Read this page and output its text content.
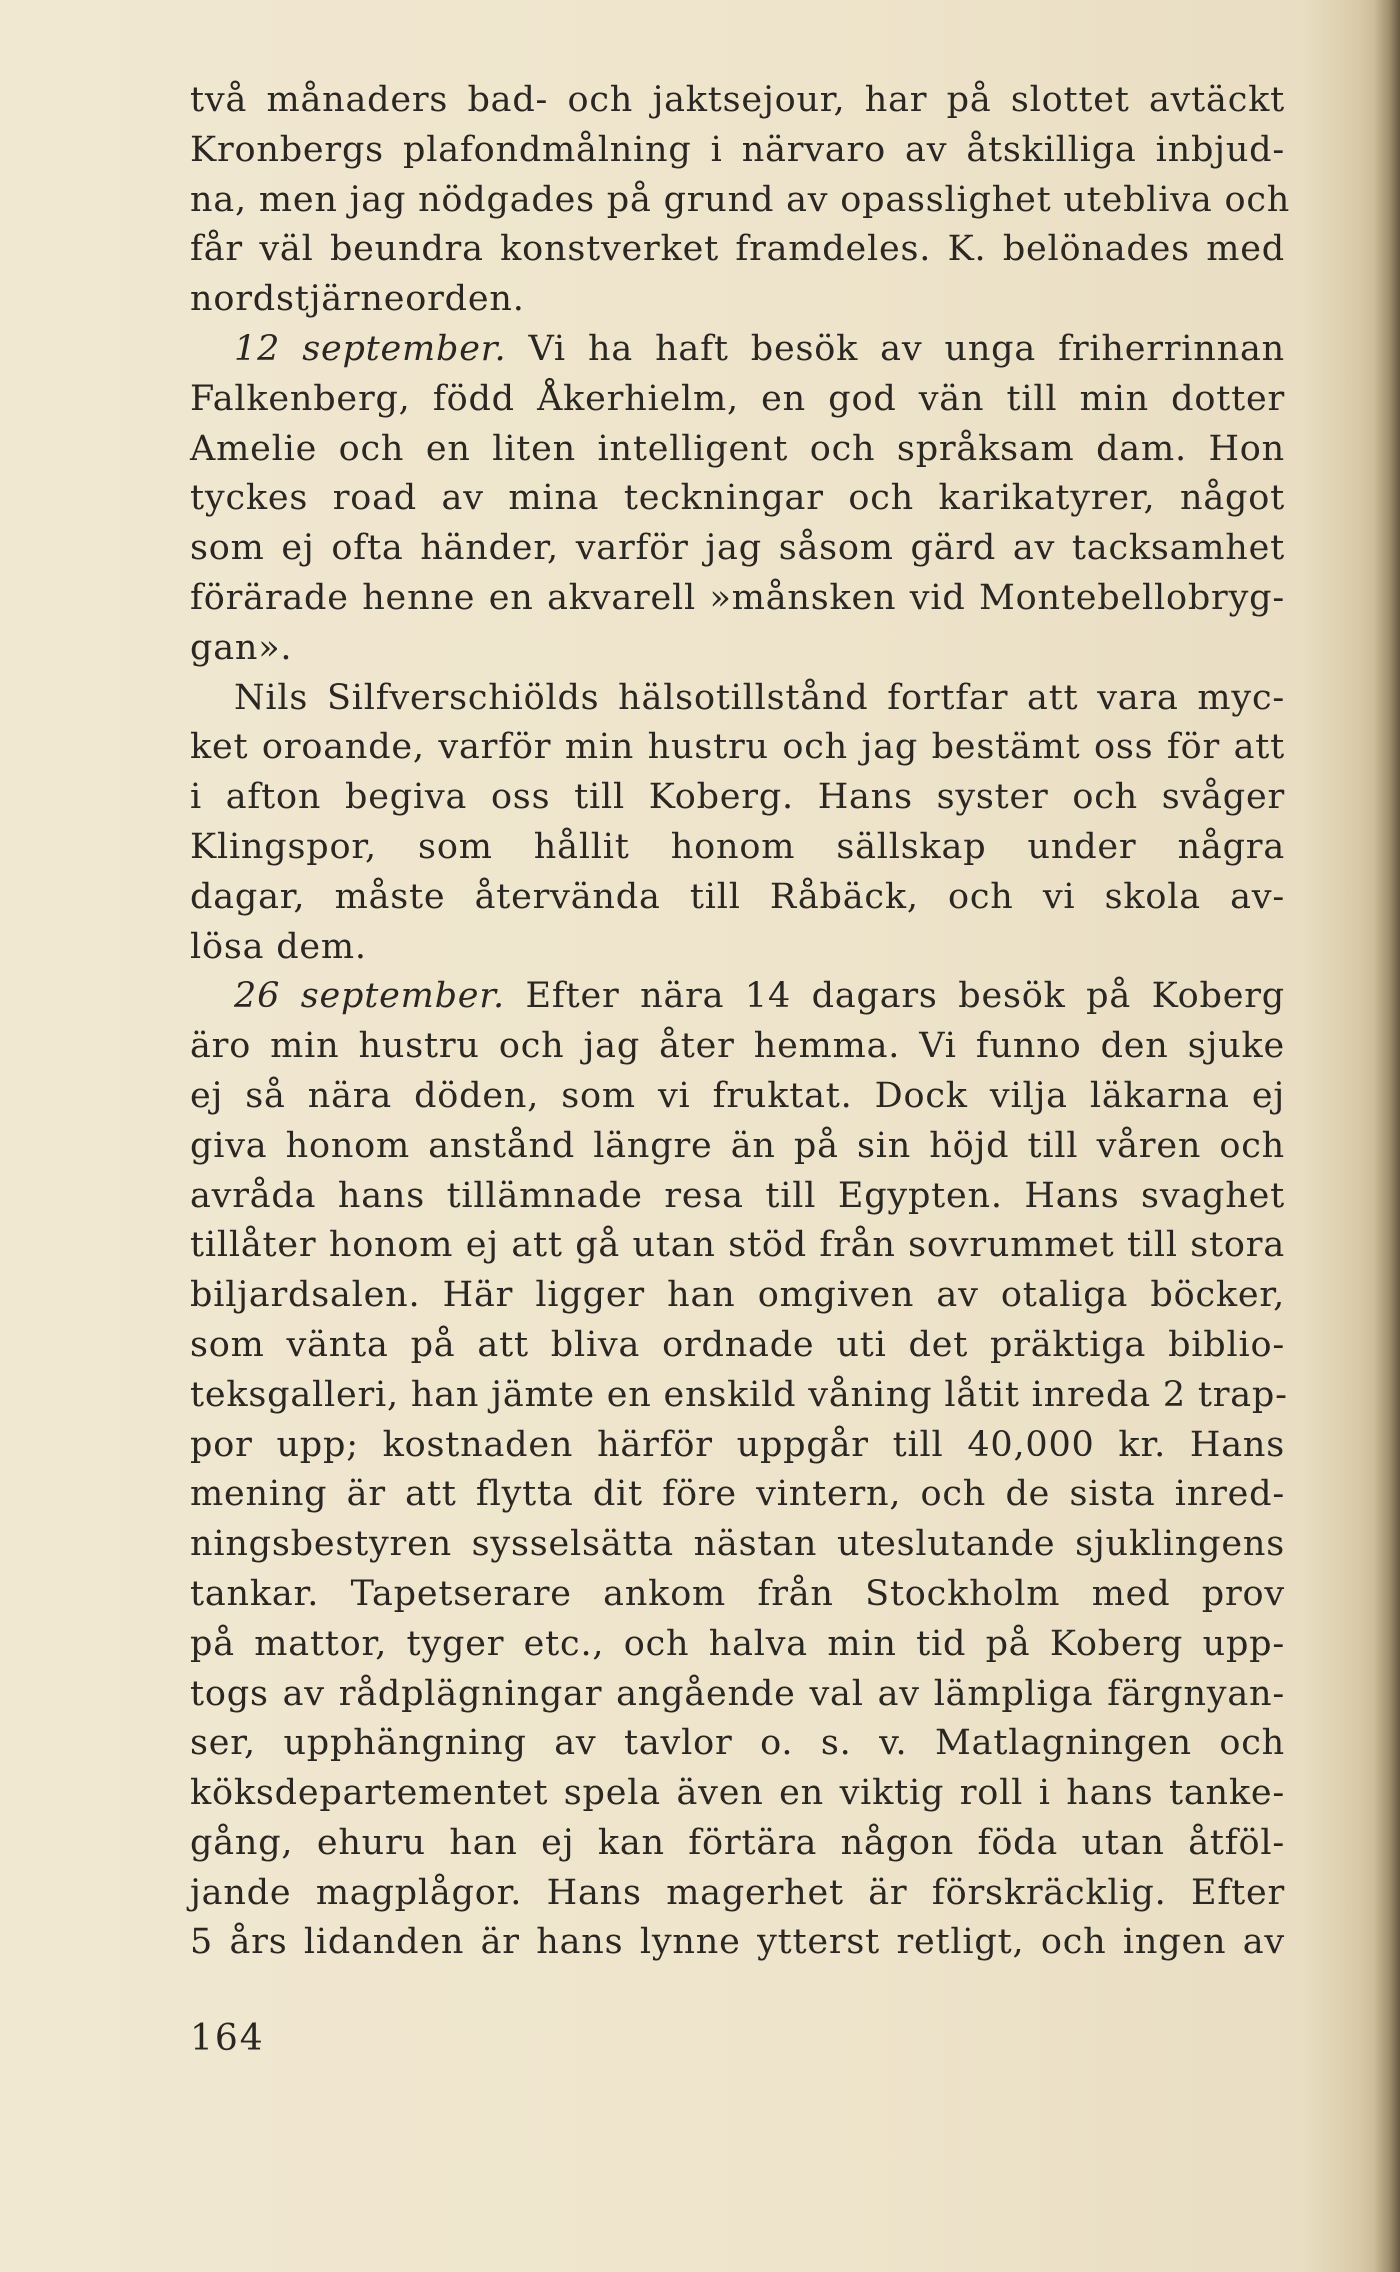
två månaders bad- och jaktsejour, har på slottet avtäckt
Kronbergs plafondmålning i närvaro av åtskilliga inbjud-
na, men jag nödgades på grund av opasslighet utebliva och
får väl beundra konstverket framdeles. K. belönades med
nordstjärneorden.
12 september. Vi ha haft besök av unga friherrinnan
Falkenberg, född Åkerhielm, en god vän till min dotter
Amelie och en liten intelligent och språksam dam. Hon
tyckes road av mina teckningar och karikatyrer, något
som ej ofta händer, varför jag såsom gärd av tacksamhet
förärade henne en akvarell »månsken vid Montebellobryg-
gan».
Nils Silfverschiölds hälsotillstånd fortfar att vara myc-
ket oroande, varför min hustru och jag bestämt oss för att
i afton begiva oss till Koberg. Hans syster och svåger
Klingspor, som hållit honom sällskap under några
dagar, måste återvända till Råbäck, och vi skola av-
lösa dem.
26 september. Efter nära 14 dagars besök på Koberg
äro min hustru och jag åter hemma. Vi funno den sjuke
ej så nära döden, som vi fruktat. Dock vilja läkarna ej
giva honom anstånd längre än på sin höjd till våren och
avråda hans tillämnade resa till Egypten. Hans svaghet
tillåter honom ej att gå utan stöd från sovrummet till stora
biljardsalen. Här ligger han omgiven av otaliga böcker,
som vänta på att bliva ordnade uti det präktiga biblio-
teksgalleri, han jämte en enskild våning låtit inreda 2 trap-
por upp; kostnaden härför uppgår till 40,000 kr. Hans
mening är att flytta dit före vintern, och de sista inred-
ningsbestyren sysselsätta nästan uteslutande sjuklingens
tankar. Tapetserare ankom från Stockholm med prov
på mattor, tyger etc., och halva min tid på Koberg upp-
togs av rådplägningar angående val av lämpliga färgnyan-
ser, upphängning av tavlor o. s. v. Matlagningen och
köksdepartementet spela även en viktig roll i hans tanke-
gång, ehuru han ej kan förtära någon föda utan åtföl-
jande magplågor. Hans magerhet är förskräcklig. Efter
5 års lidanden är hans lynne ytterst retligt, och ingen av
164
